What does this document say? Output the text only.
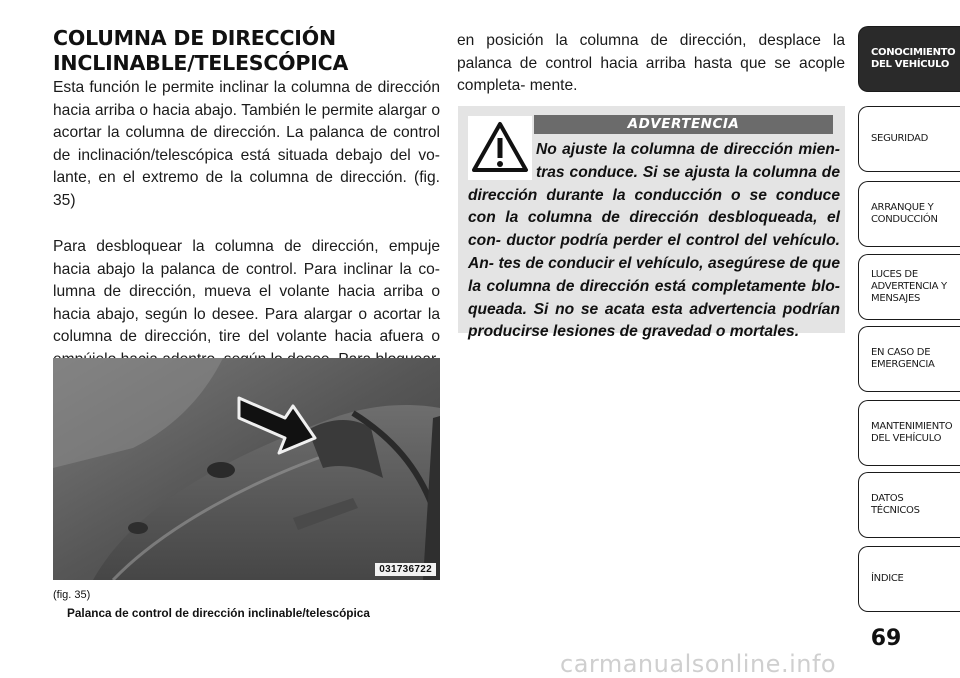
COLUMNA DE DIRECCIÓN
INCLINABLE/TELESCÓPICA

Esta función le permite inclinar la columna de dirección hacia arriba o hacia abajo. También le permite alargar o acortar la columna de dirección. La palanca de control de inclinación/telescópica está situada debajo del vo- lante, en el extremo de la columna de dirección. (fig. 35)

Para desbloquear la columna de dirección, empuje hacia abajo la palanca de control. Para inclinar la co- lumna de dirección, mueva el volante hacia arriba o hacia abajo, según lo desee. Para alargar o acortar la columna de dirección, tire del volante hacia afuera o

031736722
(fig. 35)
Palanca de control de dirección inclinable/telescópica

en posición la columna de dirección, desplace la palanca de control hacia arriba hasta que se acople completa- mente.

ADVERTENCIA

No ajuste la columna de dirección mien- tras conduce. Si se ajusta la columna de dirección durante la conducción o se conduce con la columna de dirección desbloqueada, el con- ductor podría perder el control del vehículo. An- tes de conducir el vehículo, asegúrese de que la columna de dirección está completamente blo- queada. Si no se acata esta advertencia podrían producirse lesiones de gravedad o mortales.

CONOCIMIENTO
DEL VEHÍCULO
SEGURIDAD
ARRANQUE Y
CONDUCCIÓN
LUCES DE
ADVERTENCIA Y
MENSAJES
EN CASO DE
EMERGENCIA
MANTENIMIENTO
DEL VEHÍCULO
DATOS
TÉCNICOS
ÍNDICE
69
carmanualsonline.info
